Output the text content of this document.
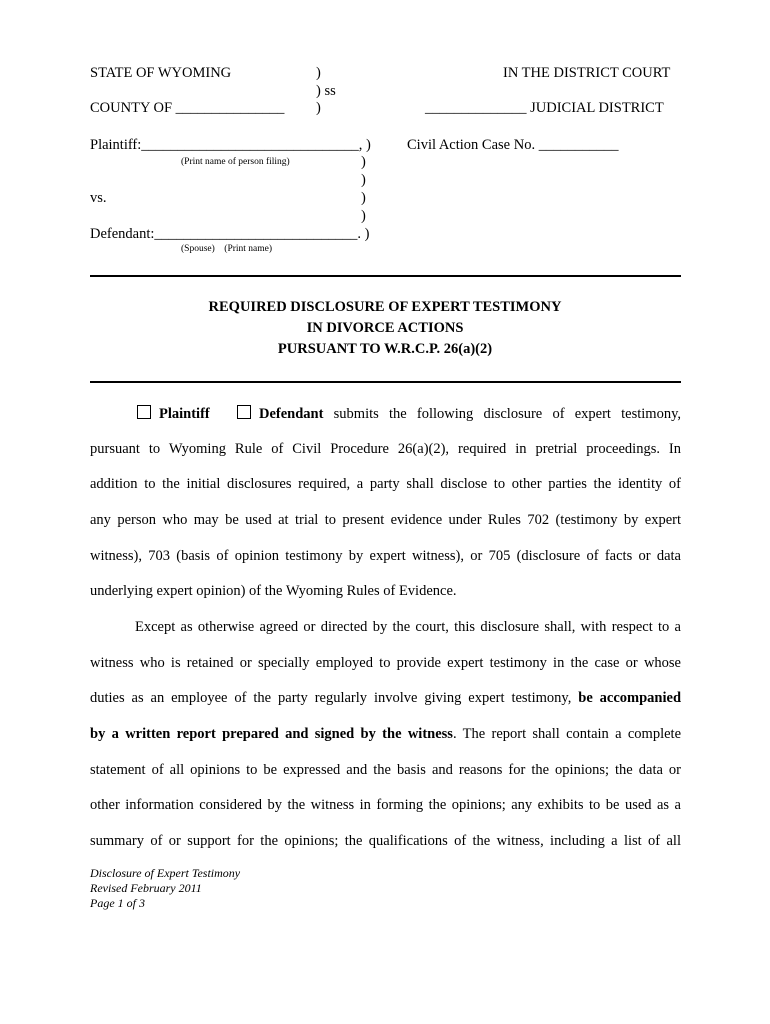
STATE OF WYOMING	)	IN THE DISTRICT COURT
) ss
COUNTY OF _______________ )	______________ JUDICIAL DISTRICT
Plaintiff:______________________________, ) Civil Action Case No. ___________
(Print name of person filing)	)
)
vs.	)
)
Defendant:____________________________. )
(Spouse)    (Print name)
REQUIRED DISCLOSURE OF EXPERT TESTIMONY
IN DIVORCE ACTIONS
PURSUANT TO W.R.C.P. 26(a)(2)
Plaintiff	Defendant submits the following disclosure of expert testimony,
pursuant to Wyoming Rule of Civil Procedure 26(a)(2), required in pretrial proceedings. In
addition to the initial disclosures required, a party shall disclose to other parties the identity of
any person who may be used at trial to present evidence under Rules 702 (testimony by expert
witness), 703 (basis of opinion testimony by expert witness), or 705 (disclosure of facts or data
underlying expert opinion) of the Wyoming Rules of Evidence.
Except as otherwise agreed or directed by the court, this disclosure shall, with respect to a
witness who is retained or specially employed to provide expert testimony in the case or whose
duties as an employee of the party regularly involve giving expert testimony, be accompanied
by a written report prepared and signed by the witness. The report shall contain a complete
statement of all opinions to be expressed and the basis and reasons for the opinions; the data or
other information considered by the witness in forming the opinions; any exhibits to be used as a
summary of or support for the opinions; the qualifications of the witness, including a list of all
Disclosure of Expert Testimony
Revised February 2011
Page 1 of 3
